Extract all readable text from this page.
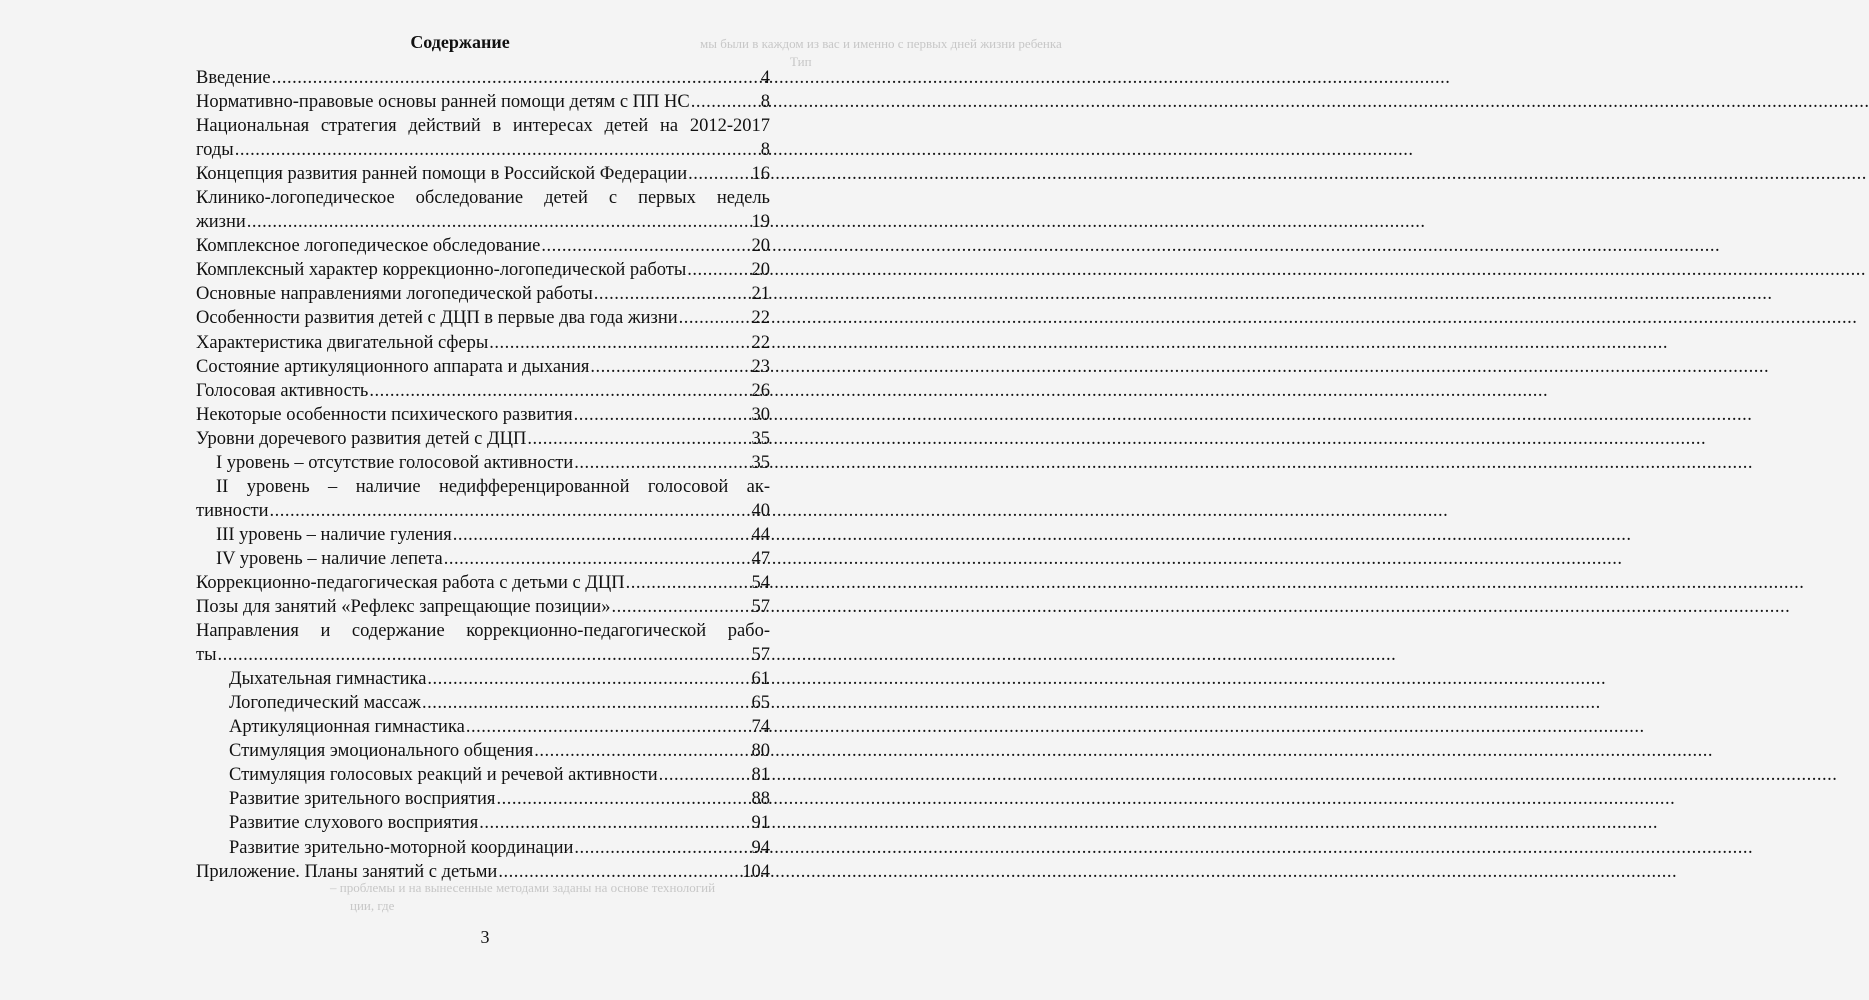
мы были в каждом из вас и именно с первых дней жизни ребенка
Тип
– проблемы и на вынесенные методами заданы на основе технологий
ции, где
Содержание
Введение .....	4
Нормативно-правовые основы ранней помощи детям с ПП НС .....	8
Национальная стратегия действий в интересах детей на 2012-2017
годы .....	8
Концепция развития ранней помощи в Российской Федерации .....	16
Клинико-логопедическое обследование детей с первых недель
жизни .....	19
Комплексное логопедическое обследование .....	20
Комплексный характер коррекционно-логопедической работы .....	20
Основные направлениями логопедической работы .....	21
Особенности развития детей с ДЦП в первые два года жизни .....	22
Характеристика двигательной сферы .....	22
Состояние артикуляционного аппарата и дыхания .....	23
Голосовая активность .....	26
Некоторые особенности психического развития .....	30
Уровни доречевого развития детей с ДЦП .....	35
I уровень – отсутствие голосовой активности .....	35
II уровень – наличие недифференцированной голосовой ак-
тивности .....	40
III уровень – наличие гуления .....	44
IV уровень – наличие лепета .....	47
Коррекционно-педагогическая работа с детьми с ДЦП .....	54
Позы для занятий «Рефлекс запрещающие позиции» .....	57
Направления и содержание коррекционно-педагогической рабо-
ты .....	57
Дыхательная гимнастика .....	61
Логопедический массаж .....	65
Артикуляционная гимнастика .....	74
Стимуляция эмоционального общения .....	80
Стимуляция голосовых реакций и речевой активности .....	81
Развитие зрительного восприятия .....	88
Развитие слухового восприятия .....	91
Развитие зрительно-моторной координации .....	94
Приложение. Планы занятий с детьми .....	104
3
